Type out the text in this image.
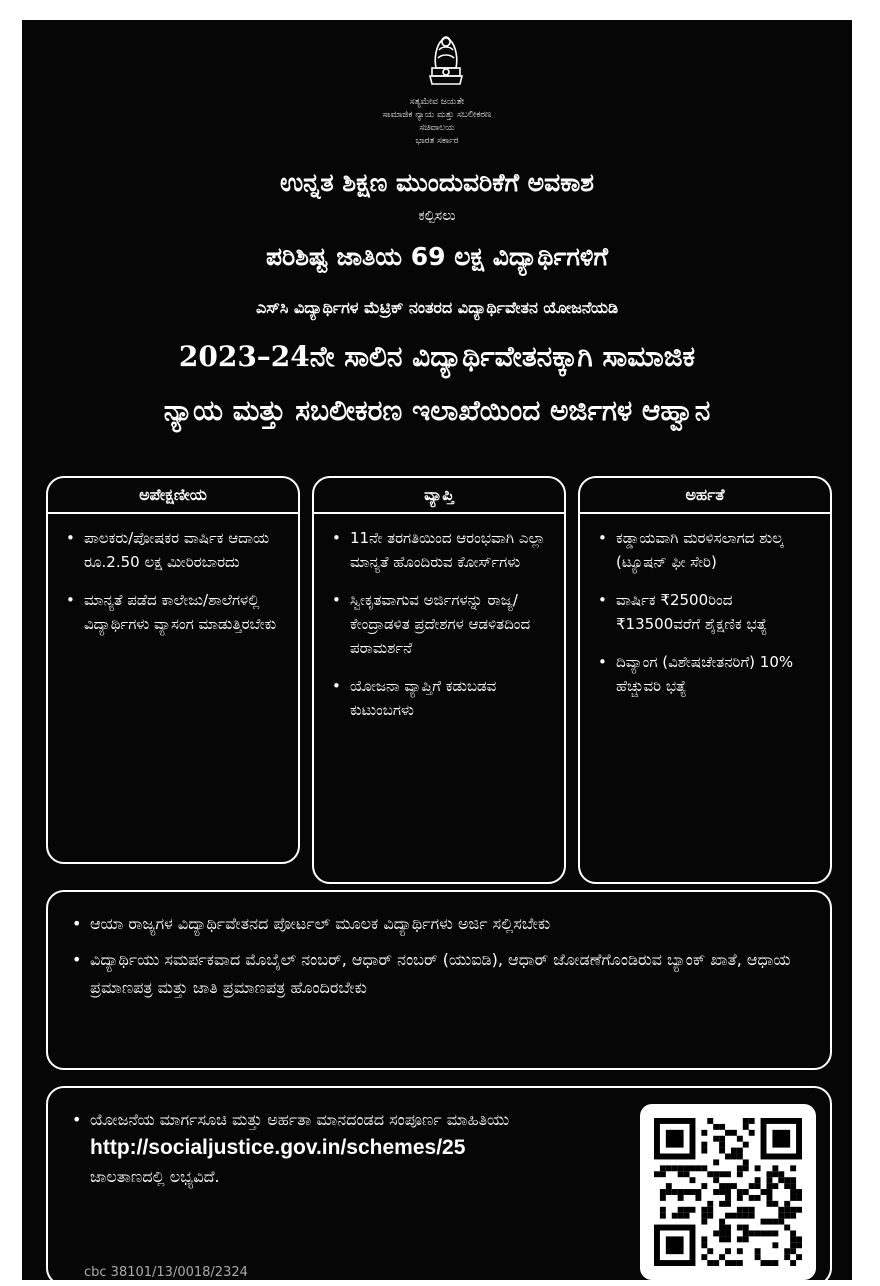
ಸತ್ಯಮೇವ ಜಯತೇ
ಸಾಮಾಜಿಕ ನ್ಯಾಯ ಮತ್ತು ಸಬಲೀಕರಣ
ಸಚಿವಾಲಯ
ಭಾರತ ಸರ್ಕಾರ
ಉನ್ನತ ಶಿಕ್ಷಣ ಮುಂದುವರಿಕೆಗೆ ಅವಕಾಶ
ಕಲ್ಪಿಸಲು
ಪರಿಶಿಷ್ಟ ಜಾತಿಯ 69 ಲಕ್ಷ ವಿದ್ಯಾರ್ಥಿಗಳಿಗೆ
ಎಸ್‌ಸಿ ವಿದ್ಯಾರ್ಥಿಗಳ ಮೆಟ್ರಿಕ್ ನಂತರದ ವಿದ್ಯಾರ್ಥಿವೇತನ ಯೋಜನೆಯಡಿ
2023–24ನೇ ಸಾಲಿನ ವಿದ್ಯಾರ್ಥಿವೇತನಕ್ಕಾಗಿ ಸಾಮಾಜಿಕ
ನ್ಯಾಯ ಮತ್ತು ಸಬಲೀಕರಣ ಇಲಾಖೆಯಿಂದ ಅರ್ಜಿಗಳ ಆಹ್ವಾನ
ಅಪೇಕ್ಷಣೀಯ
• ಪಾಲಕರು/ಪೋಷಕರ ವಾರ್ಷಿಕ ಆದಾಯ ರೂ.2.50 ಲಕ್ಷ ಮೀರಿರಬಾರದು
• ಮಾನ್ಯತೆ ಪಡೆದ ಕಾಲೇಜು/ಶಾಲೆಗಳಲ್ಲಿ ವಿದ್ಯಾರ್ಥಿಗಳು ವ್ಯಾಸಂಗ ಮಾಡುತ್ತಿರಬೇಕು
ವ್ಯಾಪ್ತಿ
• 11ನೇ ತರಗತಿಯಿಂದ ಆರಂಭವಾಗಿ ಎಲ್ಲಾ ಮಾನ್ಯತೆ ಹೊಂದಿರುವ ಕೋರ್ಸ್‌ಗಳು
• ಸ್ವೀಕೃತವಾಗುವ ಅರ್ಜಿಗಳನ್ನು ರಾಜ್ಯ/ಕೇಂದ್ರಾಡಳಿತ ಪ್ರದೇಶಗಳ ಆಡಳಿತದಿಂದ ಪರಾಮರ್ಶನೆ
• ಯೋಜನಾ ವ್ಯಾಪ್ತಿಗೆ ಕಡುಬಡವ ಕುಟುಂಬಗಳು
ಅರ್ಹತೆ
• ಕಡ್ಡಾಯವಾಗಿ ಮರಳಿಸಲಾಗದ ಶುಲ್ಕ (ಟ್ಯೂಷನ್ ಫೀ ಸೇರಿ)
• ವಾರ್ಷಿಕ ₹2500ರಿಂದ ₹13500ವರೆಗೆ ಶೈಕ್ಷಣಿಕ ಭತ್ಯೆ
• ದಿವ್ಯಾಂಗ (ವಿಶೇಷಚೇತನರಿಗೆ) 10% ಹೆಚ್ಚುವರಿ ಭತ್ಯೆ
• ಆಯಾ ರಾಜ್ಯಗಳ ವಿದ್ಯಾರ್ಥಿವೇತನದ ಪೋರ್ಟಲ್ ಮೂಲಕ ವಿದ್ಯಾರ್ಥಿಗಳು ಅರ್ಜಿ ಸಲ್ಲಿಸಬೇಕು
• ವಿದ್ಯಾರ್ಥಿಯು ಸಮರ್ಪಕವಾದ ಮೊಬೈಲ್ ನಂಬರ್, ಆಧಾರ್ ನಂಬರ್ (ಯುಐಡಿ), ಆಧಾರ್ ಜೋಡಣೆಗೊಂಡಿರುವ ಬ್ಯಾಂಕ್ ಖಾತೆ, ಆಧಾಯ ಪ್ರಮಾಣಪತ್ರ ಮತ್ತು ಜಾತಿ ಪ್ರಮಾಣಪತ್ರ ಹೊಂದಿರಬೇಕು
• ಯೋಜನೆಯ ಮಾರ್ಗಸೂಚಿ ಮತ್ತು ಅರ್ಹತಾ ಮಾನದಂಡದ ಸಂಪೂರ್ಣ ಮಾಹಿತಿಯು
http://socialjustice.gov.in/schemes/25
ಜಾಲತಾಣದಲ್ಲಿ ಲಭ್ಯವಿದೆ.
cbc 38101/13/0018/2324
